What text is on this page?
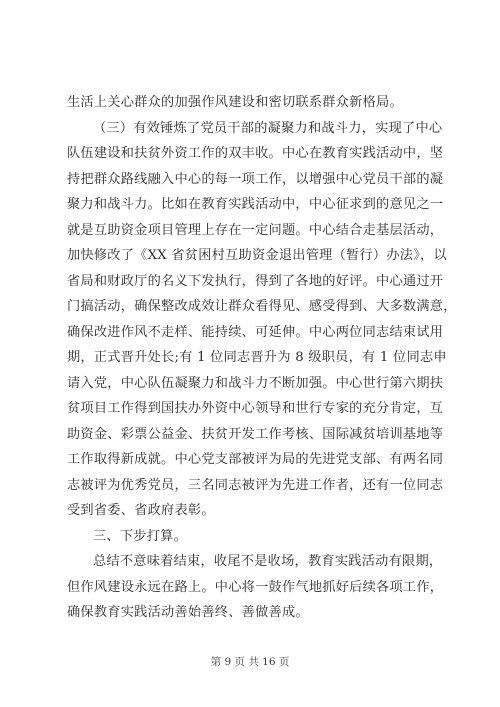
生活上关心群众的加强作风建设和密切联系群众新格局。
（三）有效锤炼了党员干部的凝聚力和战斗力，实现了中心
队伍建设和扶贫外资工作的双丰收。中心在教育实践活动中，坚
持把群众路线融入中心的每一项工作，以增强中心党员干部的凝
聚力和战斗力。比如在教育实践活动中，中心征求到的意见之一
就是互助资金项目管理上存在一定问题。中心结合走基层活动，
加快修改了《XX 省贫困村互助资金退出管理（暂行）办法》，以
省局和财政厅的名义下发执行，得到了各地的好评。中心通过开
门搞活动，确保整改成效让群众看得见、感受得到、大多数满意，
确保改进作风不走样、能持续、可延伸。中心两位同志结束试用
期，正式晋升处长;有 1 位同志晋升为 8 级职员，有 1 位同志申
请入党，中心队伍凝聚力和战斗力不断加强。中心世行第六期扶
贫项目工作得到国扶办外资中心领导和世行专家的充分肯定，互
助资金、彩票公益金、扶贫开发工作考核、国际减贫培训基地等
工作取得新成就。中心党支部被评为局的先进党支部、有两名同
志被评为优秀党员，三名同志被评为先进工作者，还有一位同志
受到省委、省政府表彰。
三、下步打算。
总结不意味着结束，收尾不是收场，教育实践活动有限期，
但作风建设永远在路上。中心将一鼓作气地抓好后续各项工作，
确保教育实践活动善始善终、善做善成。
第 9 页 共 16 页
